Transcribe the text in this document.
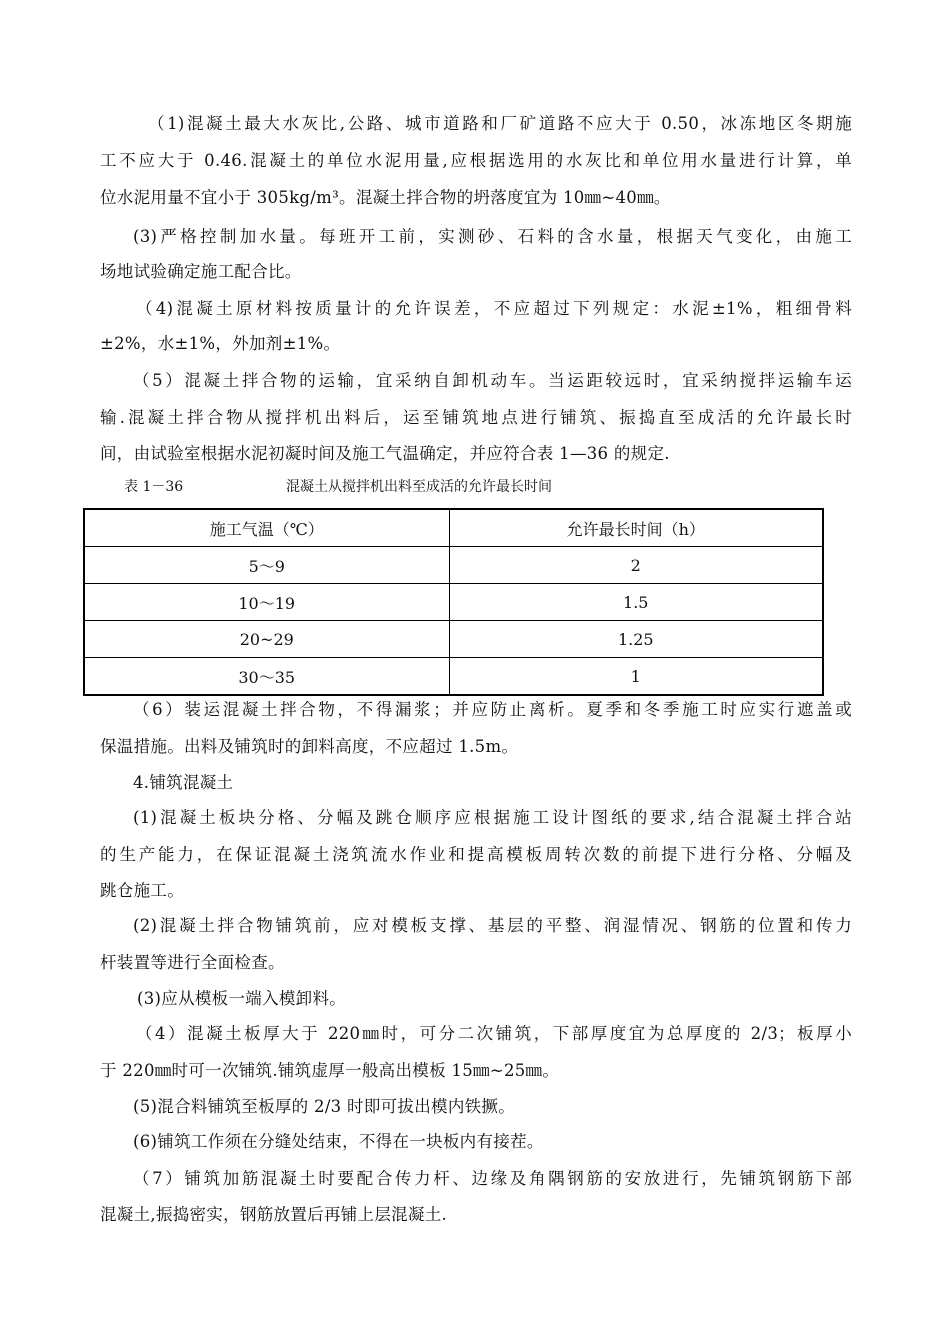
（1)混凝土最大水灰比,公路、城市道路和厂矿道路不应大于 0.50，冰冻地区冬期施
工不应大于 0.46.混凝土的单位水泥用量,应根据选用的水灰比和单位用水量进行计算，单
位水泥用量不宜小于 305kg/m³。混凝土拌合物的坍落度宜为 10㎜~40㎜。
(3)严格控制加水量。每班开工前，实测砂、石料的含水量，根据天气变化，由施工
场地试验确定施工配合比。
（4)混凝土原材料按质量计的允许误差，不应超过下列规定：水泥±1%，粗细骨料
±2%，水±1%，外加剂±1%。
（5）混凝土拌合物的运输，宜采纳自卸机动车。当运距较远时，宜采纳搅拌运输车运
输.混凝土拌合物从搅拌机出料后，运至铺筑地点进行铺筑、振捣直至成活的允许最长时
间，由试验室根据水泥初凝时间及施工气温确定，并应符合表 1—36 的规定.
表 1－36	混凝土从搅拌机出料至成活的允许最长时间
施工气温（℃）	允许最长时间（h）
5～9	2
10～19	1.5
20~29	1.25
30～35	1
（6）装运混凝土拌合物，不得漏浆；并应防止离析。夏季和冬季施工时应实行遮盖或
保温措施。出料及铺筑时的卸料高度，不应超过 1.5m。
4.铺筑混凝土
(1)混凝土板块分格、分幅及跳仓顺序应根据施工设计图纸的要求,结合混凝土拌合站
的生产能力，在保证混凝土浇筑流水作业和提高模板周转次数的前提下进行分格、分幅及
跳仓施工。
(2)混凝土拌合物铺筑前，应对模板支撑、基层的平整、润湿情况、钢筋的位置和传力
杆装置等进行全面检查。
(3)应从模板一端入模卸料。
（4）混凝土板厚大于 220㎜时，可分二次铺筑，下部厚度宜为总厚度的 2/3；板厚小
于 220㎜时可一次铺筑.铺筑虚厚一般高出模板 15㎜~25㎜。
(5)混合料铺筑至板厚的 2/3 时即可拔出模内铁撅。
(6)铺筑工作须在分缝处结束，不得在一块板内有接茬。
（7）铺筑加筋混凝土时要配合传力杆、边缘及角隅钢筋的安放进行，先铺筑钢筋下部
混凝土,振捣密实，钢筋放置后再铺上层混凝土.
